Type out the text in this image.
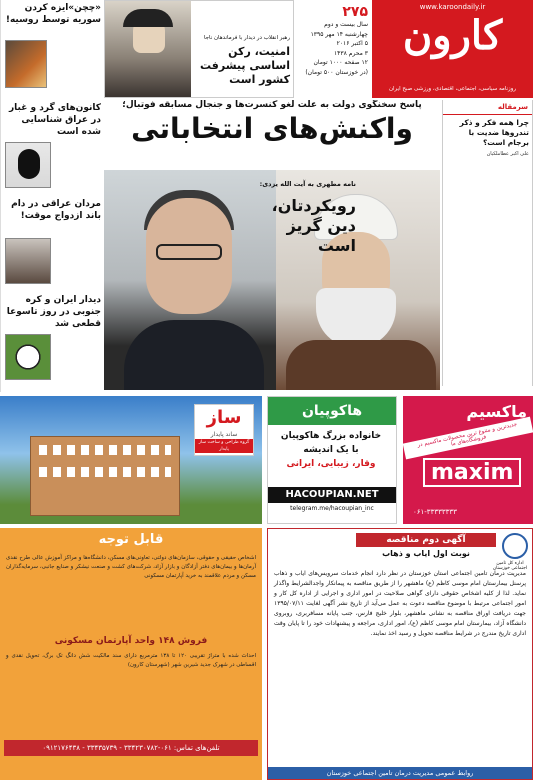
www.karoondaily.ir
کارون
روزنامه سیاسی، اجتماعی، اقتصادی، ورزشی صبح ایران
۲۷۵
سال بیست و دوم
چهارشنبه ۱۴ مهر ۱۳۹۵
۵ اکتبر ۲۰۱۶
۳ محرم ۱۴۳۸
۱۲ صفحه ۱۰۰۰ تومان
(در خوزستان ۵۰۰ تومان)
رهبر انقلاب در دیدار با فرماندهان ناجا
امنیت، رکن اساسی پیشرفت کشور است
«چچن»ایزه کردن سوریه توسط روسیه!
کانون‌های گرد و غبار در عراق شناسایی شده است
مردان عراقی در دام باند ازدواج موقت!
دیدار ایران و کره جنوبی در روز تاسوعا قطعی شد
سرمقاله
چرا همه فکر و ذکر تندروها ضدیت با برجام است؟
علی اکبر عطاملکیان
پاسخ سخنگوی دولت به علت لغو کنسرت‌ها و جنجال مسابقه فوتبال؛
واکنش‌های انتخاباتی
نامه مطهری به آیت الله یزدی:
رویکردتان، دین گریز است
ساز
ساند پایدار
گروه طراحی و ساخت ساز پایدار
هاکوپیان
خانواده بزرگ هاکوپیان
با یک اندیشه
وقار، زیبایی، ایرانی
HACOUPIAN.NET
telegram.me/hacoupian_inc
ماکسیم
جدیدترین و متنوع ترین محصولات ماکسیم در فروشگاه‌های ما
maxim
۰۶۱-۳۳۳۳۳۳۳۳
قابل توجه
اشخاص حقیقی و حقوقی، سازمان‌های دولتی، تعاونی‌های مسکن، دانشگاه‌ها و مراکز آموزش عالی طرح نقدی آرمان‌ها و بیمان‌های دفتر آزادگان و بازار آزاد، شرکت‌های کشت و صنعت نیشکر و صنایع جانبی، سرمایه‌گذاران مسکن و مردم علاقمند به خرید آپارتمان مسکونی
فروش ۱۴۸ واحد آپارتمان مسکونی
احداث شده با متراژ تقریبی ۱۲۰ تا ۱۳۸ مترمربع دارای سند مالکیت شش دانگ تک برگ، تحویل نقدی و اقساطی در شهرک جدید شیرین شهر (شهرستان کارون)
تلفن‌های تماس: ۰۶۱-۳۳۴۲۳۰۷۸۲ - ۳۳۴۳۵۷۳۹ - ۰۹۱۲۱۷۶۴۳۸
اداره کل تامین اجتماعی خوزستان
آگهی دوم مناقصه
نوبت اول ایاب و ذهاب
مدیریت درمان تامین اجتماعی استان خوزستان در نظر دارد انجام خدمات سرویس‌های ایاب و ذهاب پرسنل بیمارستان امام موسی کاظم (ع) ماهشهر را از طریق مناقصه به پیمانکار واجدالشرایط واگذار نماید. لذا از کلیه اشخاص حقوقی دارای گواهی صلاحیت در امور اداری و اجرایی از اداره کل کار و امور اجتماعی مرتبط با موضوع مناقصه دعوت به عمل می‌آید از تاریخ نشر آگهی لغایت ۱۳۹۵/۰۷/۱۱ جهت دریافت اوراق مناقصه به نشانی ماهشهر، بلوار خلیج فارس، جنب پایانه مسافربری، روبروی دانشگاه آزاد، بیمارستان امام موسی کاظم (ع)، امور اداری، مراجعه و پیشنهادات خود را تا پایان وقت اداری تاریخ مندرج در شرایط مناقصه تحویل و رسید اخذ نمایند.
روابط عمومی مدیریت درمان تامین اجتماعی خوزستان
